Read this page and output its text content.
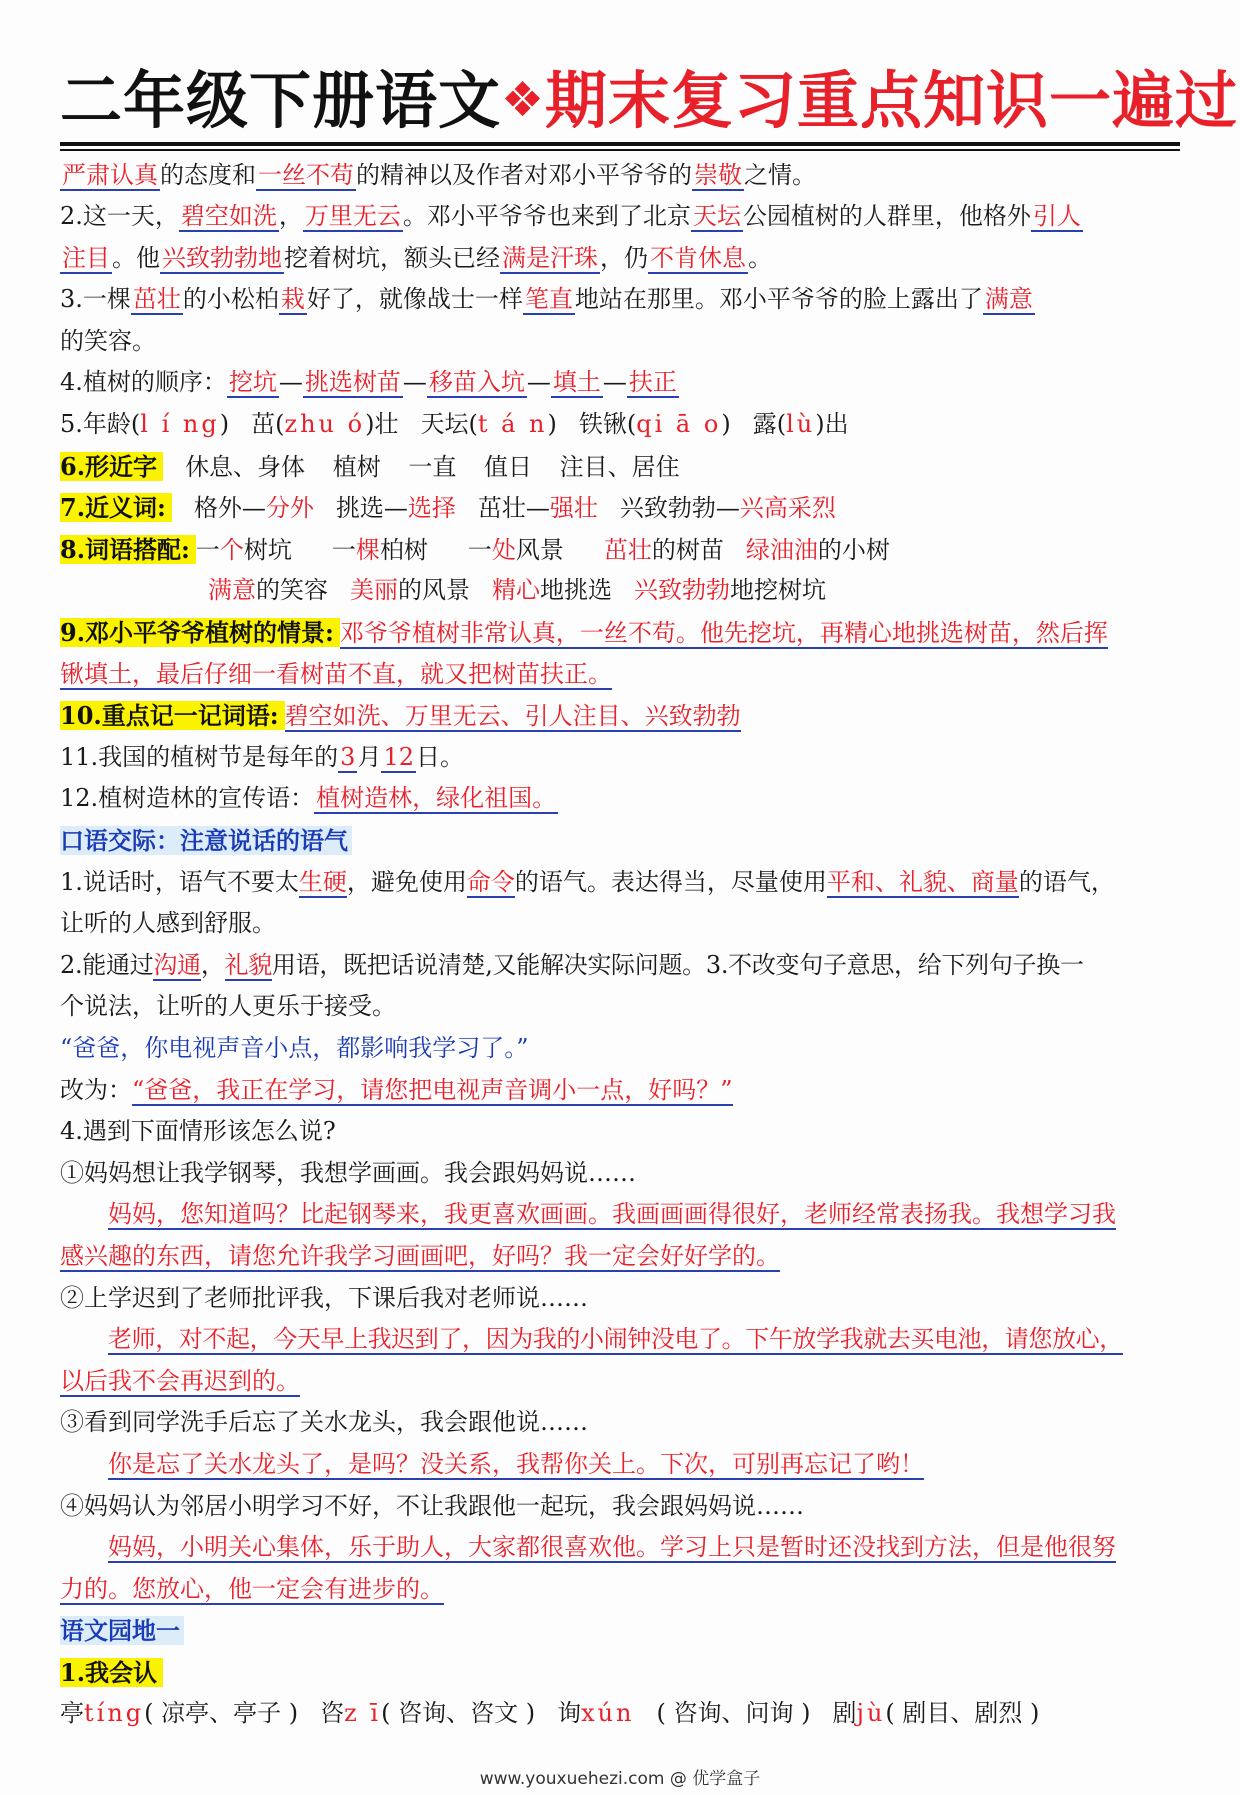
二年级下册语文❖期末复习重点知识一遍过
严肃认真的态度和一丝不苟的精神以及作者对邓小平爷爷的崇敬之情。
2.这一天，碧空如洗，万里无云。邓小平爷爷也来到了北京天坛公园植树的人群里，他格外引人
注目。他兴致勃勃地挖着树坑，额头已经满是汗珠，仍不肯休息。
3.一棵茁壮的小松柏栽好了，就像战士一样笔直地站在那里。邓小平爷爷的脸上露出了满意
的笑容。
4.植树的顺序：挖坑—挑选树苗—移苗入坑—填土—扶正
5.年龄(l í ng) 茁(zhu ó)壮 天坛(t á n) 铁锹(qi ā o) 露(lù)出
6.形近字 休息、身体 植树 一直 值日 注目、居住
7.近义词: 格外—分外 挑选—选择 茁壮—强壮 兴致勃勃—兴高采烈
8.词语搭配: 一个树坑 一棵柏树 一处风景 茁壮的树苗 绿油油的小树
满意的笑容 美丽的风景 精心地挑选 兴致勃勃地挖树坑
9.邓小平爷爷植树的情景: 邓爷爷植树非常认真，一丝不苟。他先挖坑，再精心地挑选树苗，然后挥
锹填土，最后仔细一看树苗不直，就又把树苗扶正。
10.重点记一记词语: 碧空如洗、万里无云、引人注目、兴致勃勃
11.我国的植树节是每年的3月12日。
12.植树造林的宣传语：植树造林，绿化祖国。
口语交际：注意说话的语气
1.说话时，语气不要太生硬，避免使用命令的语气。表达得当，尽量使用平和、礼貌、商量的语气，
让听的人感到舒服。
2.能通过沟通，礼貌用语，既把话说清楚,又能解决实际问题。3.不改变句子意思，给下列句子换一
个说法，让听的人更乐于接受。
“爸爸，你电视声音小点，都影响我学习了。”
改为：“爸爸，我正在学习，请您把电视声音调小一点，好吗？”
4.遇到下面情形该怎么说?
①妈妈想让我学钢琴，我想学画画。我会跟妈妈说……
妈妈，您知道吗？比起钢琴来，我更喜欢画画。我画画画得很好，老师经常表扬我。我想学习我
感兴趣的东西，请您允许我学习画画吧，好吗？我一定会好好学的。
②上学迟到了老师批评我，下课后我对老师说……
老师，对不起，今天早上我迟到了，因为我的小闹钟没电了。下午放学我就去买电池，请您放心，
以后我不会再迟到的。
③看到同学洗手后忘了关水龙头，我会跟他说……
你是忘了关水龙头了，是吗？没关系，我帮你关上。下次，可别再忘记了哟！
④妈妈认为邻居小明学习不好，不让我跟他一起玩，我会跟妈妈说……
妈妈，小明关心集体，乐于助人，大家都很喜欢他。学习上只是暂时还没找到方法，但是他很努
力的。您放心，他一定会有进步的。
语文园地一
1.我会认
亭tíng( 凉亭、亭子 ) 咨z ī( 咨询、咨文 ) 询xún ( 咨询、问询 ) 剧jù( 剧目、剧烈 )
www.youxuehezi.com @ 优学盒子
